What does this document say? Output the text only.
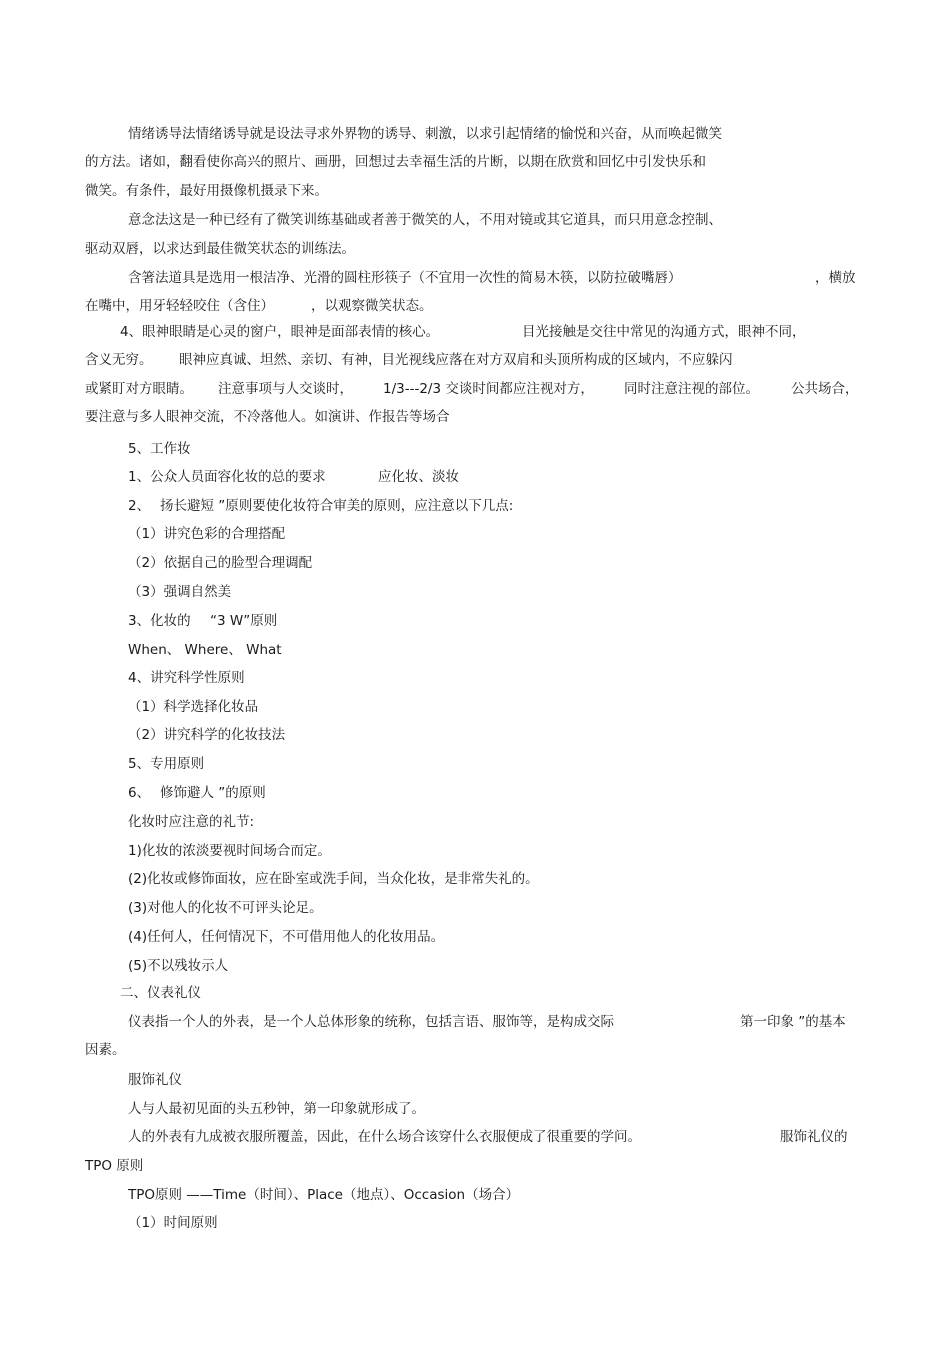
情绪诱导法情绪诱导就是设法寻求外界物的诱导、刺激，以求引起情绪的愉悦和兴奋，从而唤起微笑
的方法。诸如，翻看使你高兴的照片、画册，回想过去幸福生活的片断，以期在欣赏和回忆中引发快乐和
微笑。有条件，最好用摄像机摄录下来。
意念法这是一种已经有了微笑训练基础或者善于微笑的人，不用对镜或其它道具，而只用意念控制、
驱动双唇，以求达到最佳微笑状态的训练法。
含箸法道具是选用一根洁净、光滑的圆柱形筷子（不宜用一次性的简易木筷，以防拉破嘴唇）	，横放
在嘴中，用牙轻轻咬住（含住）	，以观察微笑状态。
4、眼神眼睛是心灵的窗户，眼神是面部表情的核心。	目光接触是交往中常见的沟通方式，眼神不同，
含义无穷。 眼神应真诚、坦然、亲切、有神，目光视线应落在对方双肩和头顶所构成的区域内，不应躲闪
或紧盯对方眼睛。 注意事项与人交谈时， 1/3---2/3 交谈时间都应注视对方， 同时注意注视的部位。 公共场合，
要注意与多人眼神交流，不冷落他人。如演讲、作报告等场合
5、工作妆
1、公众人员面容化妆的总的要求	应化妆、淡妆
2、 扬长避短 ”原则要使化妆符合审美的原则，应注意以下几点:
（1）讲究色彩的合理搭配
（2）依据自己的脸型合理调配
（3）强调自然美
3、化妆的 “3 W”原则
When、 Where、 What
4、讲究科学性原则
（1）科学选择化妆品
（2）讲究科学的化妆技法
5、专用原则
6、 修饰避人 ”的原则
化妆时应注意的礼节:
1)化妆的浓淡要视时间场合而定。
(2)化妆或修饰面妆，应在卧室或洗手间，当众化妆，是非常失礼的。
(3)对他人的化妆不可评头论足。
(4)任何人，任何情况下，不可借用他人的化妆用品。
(5)不以残妆示人
二、仪表礼仪
仪表指一个人的外表，是一个人总体形象的统称，包括言语、服饰等，是构成交际	第一印象 ”的基本
因素。
服饰礼仪
人与人最初见面的头五秒钟，第一印象就形成了。
人的外表有九成被衣服所覆盖，因此，在什么场合该穿什么衣服便成了很重要的学问。	服饰礼仪的
TPO 原则
TPO原则 ——Time（时间）、Place（地点）、Occasion（场合）
（1）时间原则
